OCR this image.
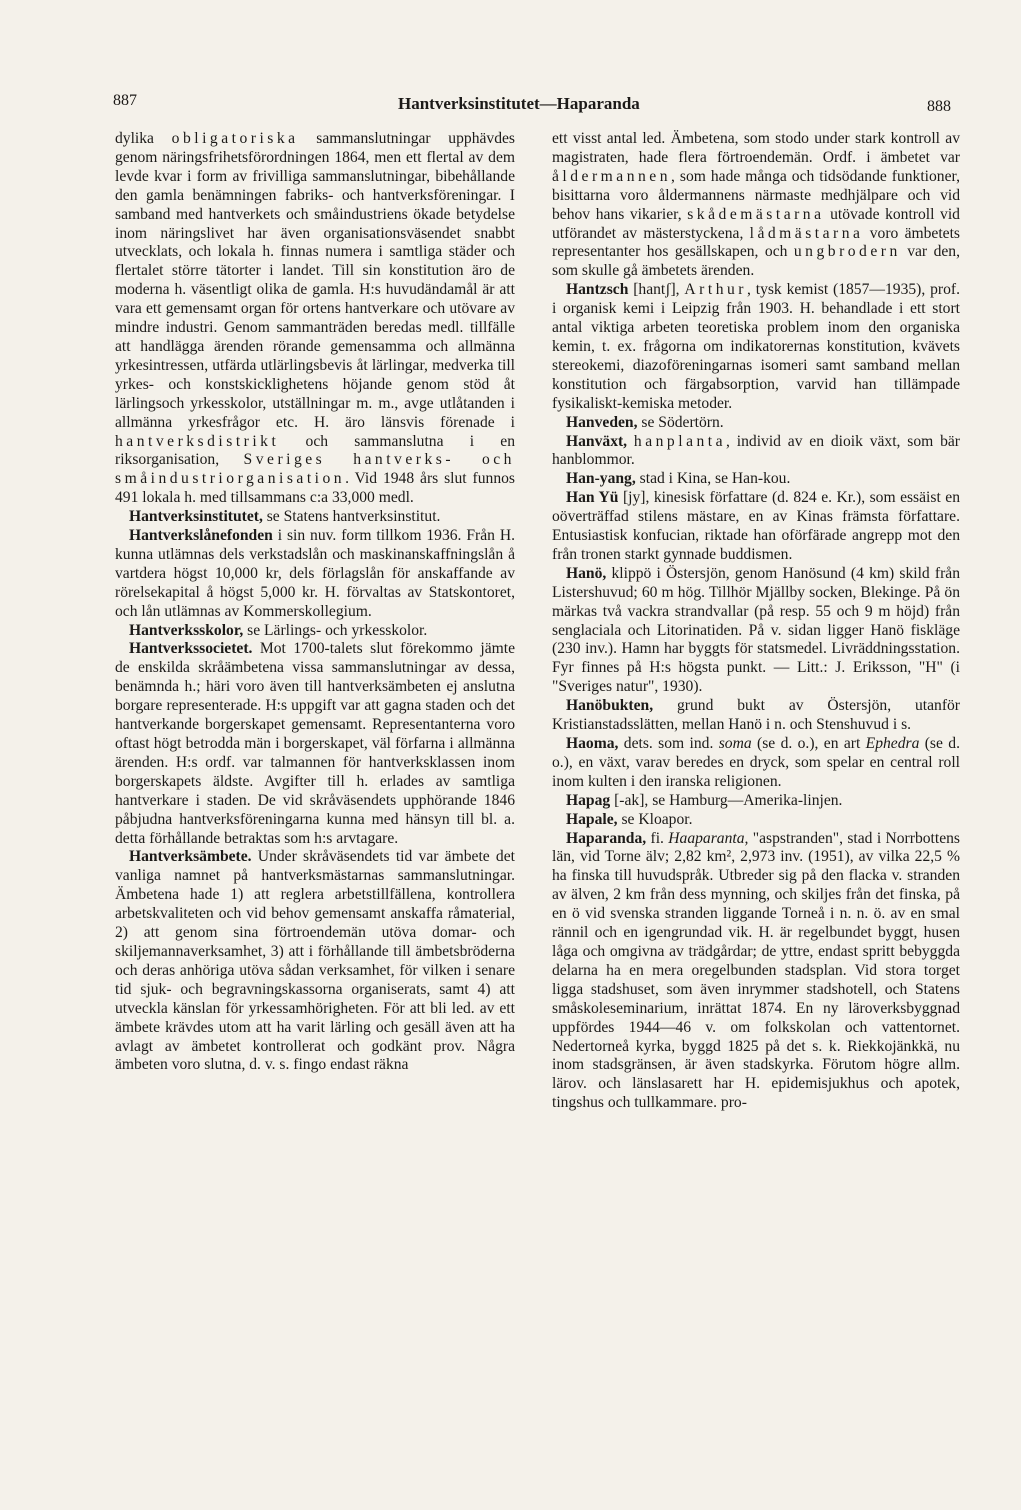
887	Hantverksinstitutet—Haparanda	888

dylika obligatoriska sammanslutningar upphävdes genom näringsfrihetsförordningen 1864, men ett flertal av dem levde kvar i form av frivilliga sammanslutningar, bibehållande den gamla benämningen fabriks- och hantverksföreningar. I samband med hantverkets och småindustriens ökade betydelse inom näringslivet har även organisationsväsendet snabbt utvecklats, och lokala h. finnas numera i samtliga städer och flertalet större tätorter i landet. Till sin konstitution äro de moderna h. väsentligt olika de gamla. H:s huvudändamål är att vara ett gemensamt organ för ortens hantverkare och utövare av mindre industri. Genom sammanträden beredas medl. tillfälle att handlägga ärenden rörande gemensamma och allmänna yrkesintressen, utfärda utlärlingsbevis åt lärlingar, medverka till yrkes- och konstskicklighetens höjande genom stöd åt lärlingsoch yrkesskolor, utställningar m. m., avge utlåtanden i allmänna yrkesfrågor etc. H. äro länsvis förenade i hantverksdistrikt och sammanslutna i en riksorganisation, Sveriges hantverks- och småindustriorganisation. Vid 1948 års slut funnos 491 lokala h. med tillsammans c:a 33,000 medl.

Hantverksinstitutet, se Statens hantverksinstitut.

Hantverkslånefonden i sin nuv. form tillkom 1936. Från H. kunna utlämnas dels verkstadslån och maskinanskaffningslån å vartdera högst 10,000 kr, dels förlagslån för anskaffande av rörelsekapital å högst 5,000 kr. H. förvaltas av Statskontoret, och lån utlämnas av Kommerskollegium.

Hantverksskolor, se Lärlings- och yrkesskolor.

Hantverkssocietet. Mot 1700-talets slut förekommo jämte de enskilda skråämbetena vissa sammanslutningar av dessa, benämnda h.; häri voro även till hantverksämbeten ej anslutna borgare representerade. H:s uppgift var att gagna staden och det hantverkande borgerskapet gemensamt. Representanterna voro oftast högt betrodda män i borgerskapet, väl förfarna i allmänna ärenden. H:s ordf. var talmannen för hantverksklassen inom borgerskapets äldste. Avgifter till h. erlades av samtliga hantverkare i staden. De vid skråväsendets upphörande 1846 påbjudna hantverksföreningarna kunna med hänsyn till bl. a. detta förhållande betraktas som h:s arvtagare.

Hantverksämbete. Under skråväsendets tid var ämbete det vanliga namnet på hantverksmästarnas sammanslutningar. Ämbetena hade 1) att reglera arbetstillfällena, kontrollera arbetskvaliteten och vid behov gemensamt anskaffa råmaterial, 2) att genom sina förtroendemän utöva domar- och skiljemannaverksamhet, 3) att i förhållande till ämbetsbröderna och deras anhöriga utöva sådan verksamhet, för vilken i senare tid sjuk- och begravningskassorna organiserats, samt 4) att utveckla känslan för yrkessamhörigheten. För att bli led. av ett ämbete krävdes utom att ha varit lärling och gesäll även att ha avlagt av ämbetet kontrollerat och godkänt prov. Några ämbeten voro slutna, d. v. s. fingo endast räkna

ett visst antal led. Ämbetena, som stodo under stark kontroll av magistraten, hade flera förtroendemän. Ordf. i ämbetet var åldermannen, som hade många och tidsödande funktioner, bisittarna voro åldermannens närmaste medhjälpare och vid behov hans vikarier, skådemästarna utövade kontroll vid utförandet av mästerstyckena, lådmästarna voro ämbetets representanter hos gesällskapen, och ungbrodern var den, som skulle gå ämbetets ärenden.

Hantzsch [hantʃ], Arthur, tysk kemist (1857—1935), prof. i organisk kemi i Leipzig från 1903. H. behandlade i ett stort antal viktiga arbeten teoretiska problem inom den organiska kemin, t. ex. frågorna om indikatorernas konstitution, kvävets stereokemi, diazoföreningarnas isomeri samt samband mellan konstitution och färgabsorption, varvid han tillämpade fysikaliskt-kemiska metoder.

Hanveden, se Södertörn.

Hanväxt, hanplanta, individ av en dioik växt, som bär hanblommor.

Han-yang, stad i Kina, se Han-kou.

Han Yü [jy], kinesisk författare (d. 824 e. Kr.), som essäist en oöverträffad stilens mästare, en av Kinas främsta författare. Entusiastisk konfucian, riktade han oförfärade angrepp mot den från tronen starkt gynnade buddismen.

Hanö, klippö i Östersjön, genom Hanösund (4 km) skild från Listershuvud; 60 m hög. Tillhör Mjällby socken, Blekinge. På ön märkas två vackra strandvallar (på resp. 55 och 9 m höjd) från senglaciala och Litorinatiden. På v. sidan ligger Hanö fiskläge (230 inv.). Hamn har byggts för statsmedel. Livräddningsstation. Fyr finnes på H:s högsta punkt. — Litt.: J. Eriksson, "H" (i "Sveriges natur", 1930).

Hanöbukten, grund bukt av Östersjön, utanför Kristianstadsslätten, mellan Hanö i n. och Stenshuvud i s.

Haoma, dets. som ind. soma (se d. o.), en art Ephedra (se d. o.), en växt, varav beredes en dryck, som spelar en central roll inom kulten i den iranska religionen.

Hapag [-ak], se Hamburg—Amerika-linjen.

Hapale, se Kloapor.

Haparanda, fi. Haaparanta, "aspstranden", stad i Norrbottens län, vid Torne älv; 2,82 km², 2,973 inv. (1951), av vilka 22,5 % ha finska till huvudspråk. Utbreder sig på den flacka v. stranden av älven, 2 km från dess mynning, och skiljes från det finska, på en ö vid svenska stranden liggande Torneå i n. n. ö. av en smal rännil och en igengrundad vik. H. är regelbundet byggt, husen låga och omgivna av trädgårdar; de yttre, endast spritt bebyggda delarna ha en mera oregelbunden stadsplan. Vid stora torget ligga stadshuset, som även inrymmer stadshotell, och Statens småskoleseminarium, inrättat 1874. En ny läroverksbyggnad uppfördes 1944—46 v. om folkskolan och vattentornet. Nedertorneå kyrka, byggd 1825 på det s. k. Riekkojänkkä, nu inom stadsgränsen, är även stadskyrka. Förutom högre allm. lärov. och länslasarett har H. epidemisjukhus och apotek, tingshus och tullkammare. pro-
